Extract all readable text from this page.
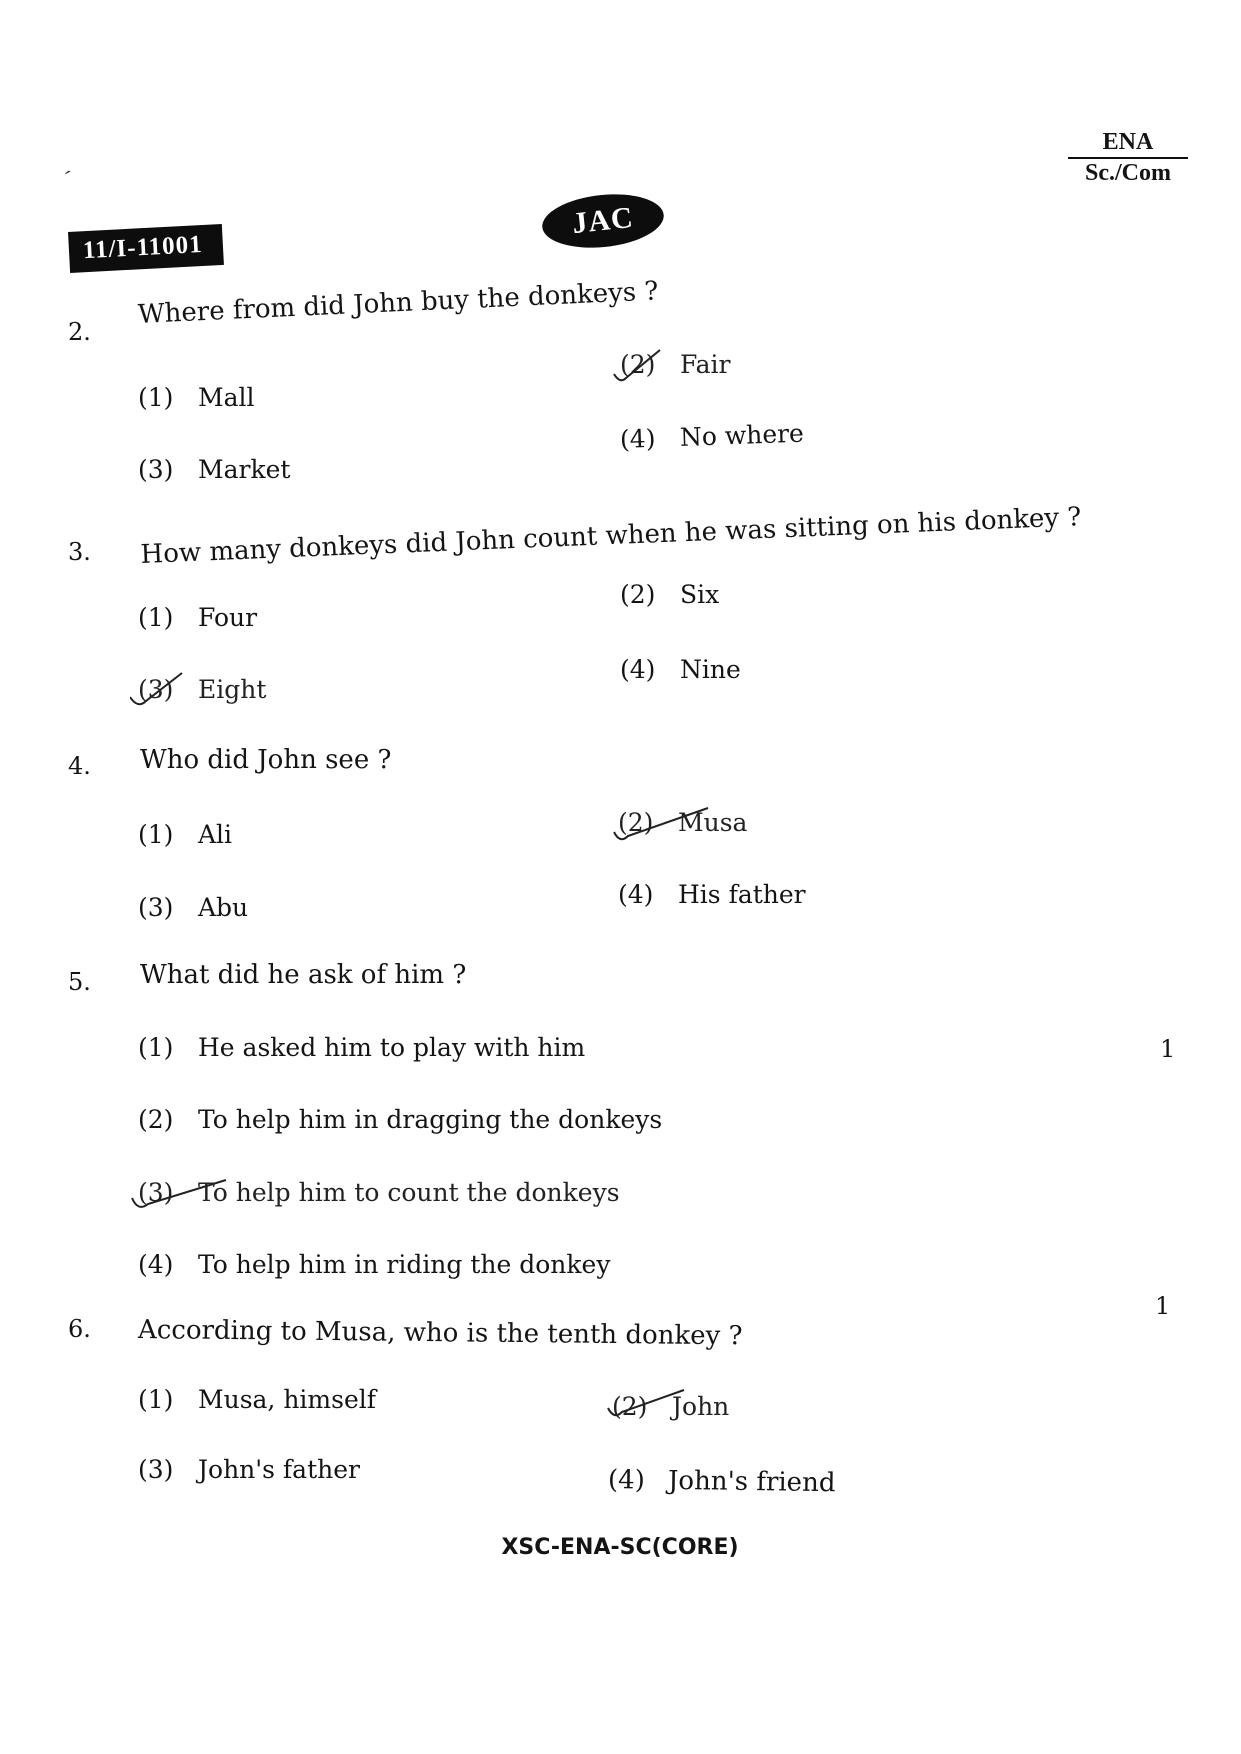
ENA
Sc./Com
ˊ
JAC
11/I-11001
2.
Where from did John buy the donkeys ?
(1) Mall
(2) Fair
(3) Market
(4) No where
3.	How many donkeys did John count when he was sitting on his donkey ?
(1) Four
(2) Six
(3) Eight
(4) Nine
4.	Who did John see ?
(1) Ali	(2) Musa
(3) Abu	(4) His father
5.	What did he ask of him ?
(1) He asked him to play with him	1
(2) To help him in dragging the donkeys
(3) To help him to count the donkeys
(4) To help him in riding the donkey
6.	According to Musa, who is the tenth donkey ?
1
(1) Musa, himself	(2) John
(3) John's father	(4) John's friend
XSC-ENA-SC(CORE)
